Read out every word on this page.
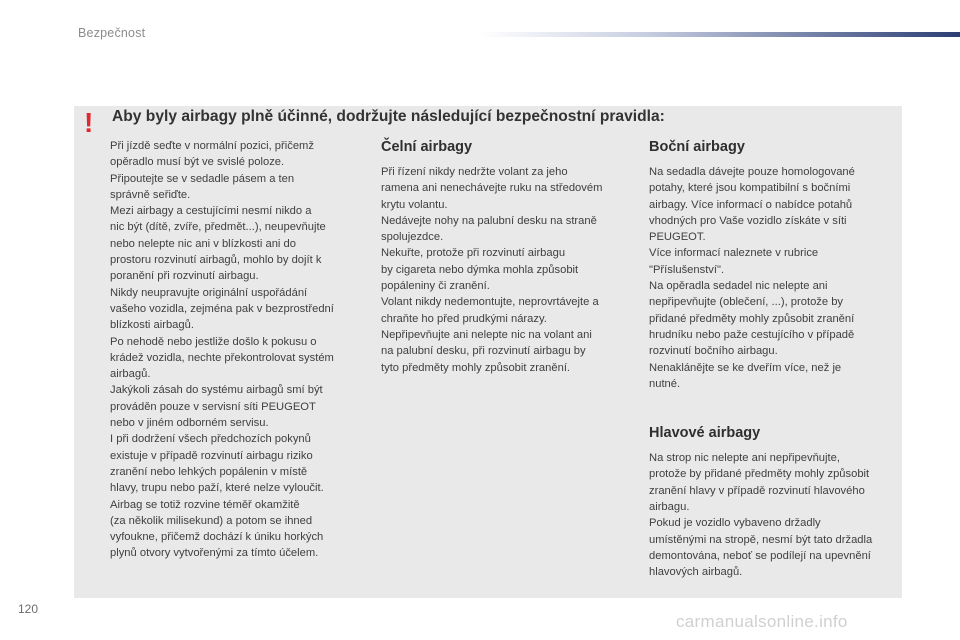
Bezpečnost
! Aby byly airbagy plně účinné, dodržujte následující bezpečnostní pravidla:

Při jízdě seďte v normální pozici, přičemž
opěradlo musí být ve svislé poloze.
Připoutejte se v sedadle pásem a ten
správně seřiďte.
Mezi airbagy a cestujícími nesmí nikdo a
nic být (dítě, zvíře, předmět...), neupevňujte
nebo nelepte nic ani v blízkosti ani do
prostoru rozvinutí airbagů, mohlo by dojít k
poranění při rozvinutí airbagu.
Nikdy neupravujte originální uspořádání
vašeho vozidla, zejména pak v bezprostřední
blízkosti airbagů.
Po nehodě nebo jestliže došlo k pokusu o
krádež vozidla, nechte překontrolovat systém
airbagů.
Jakýkoli zásah do systému airbagů smí být
prováděn pouze v servisní síti PEUGEOT
nebo v jiném odborném servisu.
I při dodržení všech předchozích pokynů
existuje v případě rozvinutí airbagu riziko
zranění nebo lehkých popálenin v místě
hlavy, trupu nebo paží, které nelze vyloučit.
Airbag se totiž rozvine téměř okamžitě
(za několik milisekund) a potom se ihned
vyfoukne, přičemž dochází k úniku horkých
plynů otvory vytvořenými za tímto účelem.

Čelní airbagy

Při řízení nikdy nedržte volant za jeho
ramena ani nenechávejte ruku na středovém
krytu volantu.
Nedávejte nohy na palubní desku na straně
spolujezdce.
Nekuřte, protože při rozvinutí airbagu
by cigareta nebo dýmka mohla způsobit
popáleniny či zranění.
Volant nikdy nedemontujte, neprovrtávejte a
chraňte ho před prudkými nárazy.
Nepřipevňujte ani nelepte nic na volant ani
na palubní desku, při rozvinutí airbagu by
tyto předměty mohly způsobit zranění.

Boční airbagy

Na sedadla dávejte pouze homologované
potahy, které jsou kompatibilní s bočními
airbagy. Více informací o nabídce potahů
vhodných pro Vaše vozidlo získáte v síti
PEUGEOT.
Více informací naleznete v rubrice
"Příslušenství".
Na opěradla sedadel nic nelepte ani
nepřipevňujte (oblečení, ...), protože by
přidané předměty mohly způsobit zranění
hrudníku nebo paže cestujícího v případě
rozvinutí bočního airbagu.
Nenaklánějte se ke dveřím více, než je
nutné.

Hlavové airbagy

Na strop nic nelepte ani nepřipevňujte,
protože by přidané předměty mohly způsobit
zranění hlavy v případě rozvinutí hlavového
airbagu.
Pokud je vozidlo vybaveno držadly
umístěnými na stropě, nesmí být tato držadla
demontována, neboť se podílejí na upevnění
hlavových airbagů.

120
carmanualsonline.info
